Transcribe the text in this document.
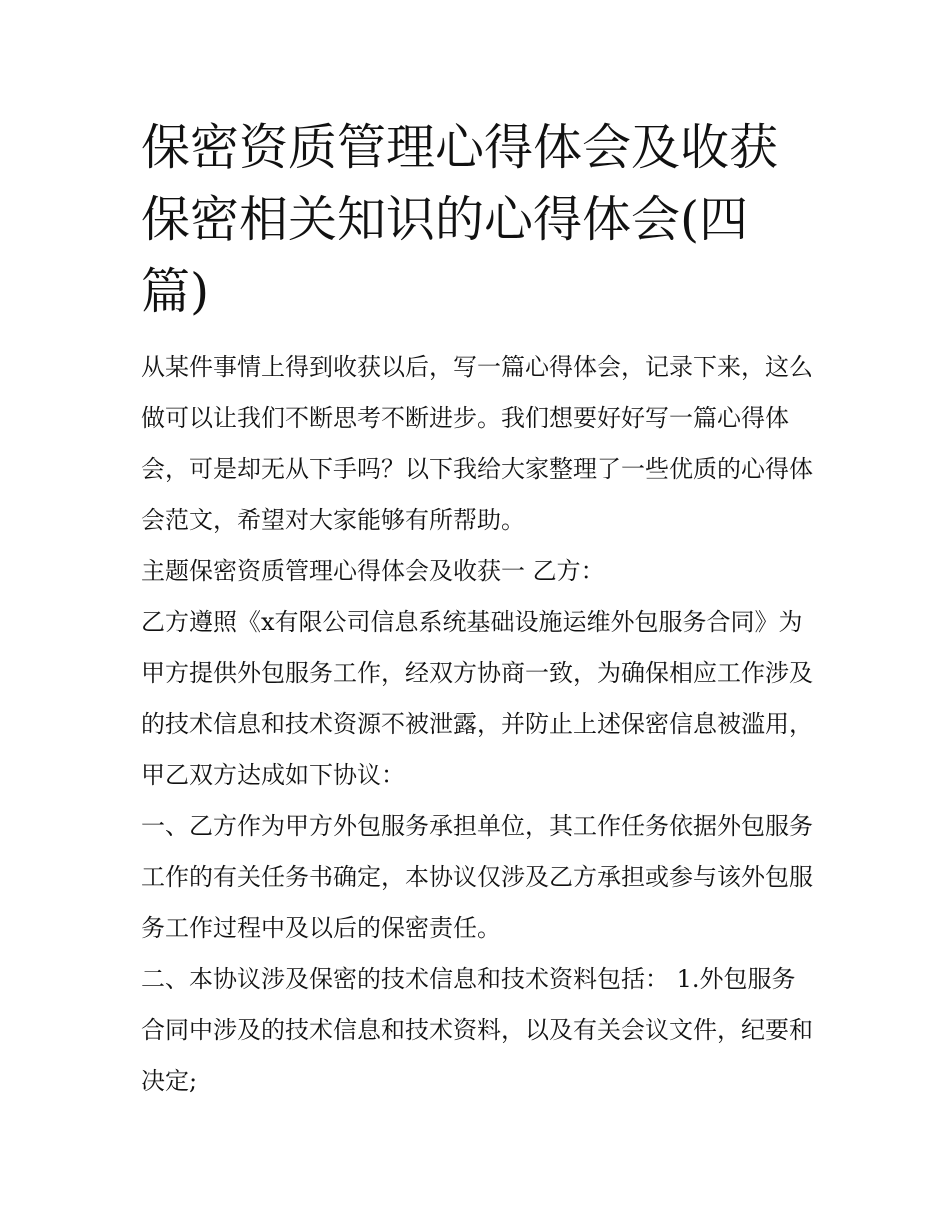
保密资质管理心得体会及收获 保密相关知识的心得体会(四篇)

从某件事情上得到收获以后，写一篇心得体会，记录下来，这么做可以让我们不断思考不断进步。我们想要好好写一篇心得体会，可是却无从下手吗？以下我给大家整理了一些优质的心得体会范文，希望对大家能够有所帮助。

主题保密资质管理心得体会及收获一 乙方：

乙方遵照《x有限公司信息系统基础设施运维外包服务合同》为甲方提供外包服务工作，经双方协商一致，为确保相应工作涉及的技术信息和技术资源不被泄露，并防止上述保密信息被滥用，甲乙双方达成如下协议：

一、乙方作为甲方外包服务承担单位，其工作任务依据外包服务工作的有关任务书确定，本协议仅涉及乙方承担或参与该外包服务工作过程中及以后的保密责任。

二、本协议涉及保密的技术信息和技术资料包括： 1.外包服务合同中涉及的技术信息和技术资料，以及有关会议文件，纪要和决定;
